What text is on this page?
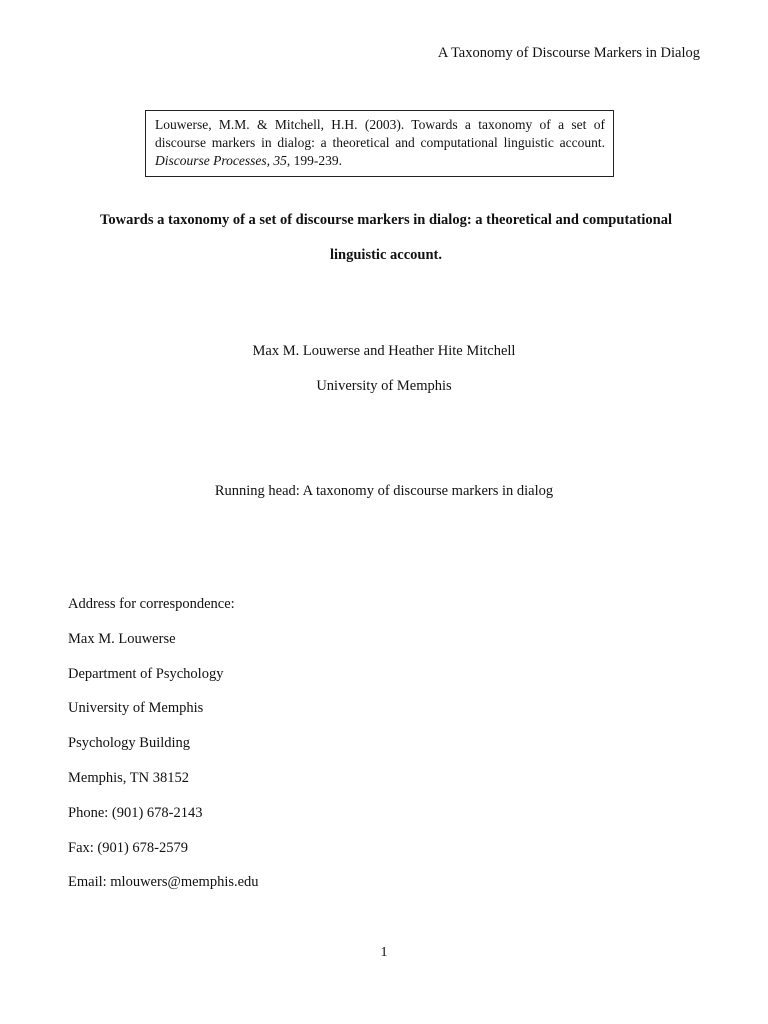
A Taxonomy of Discourse Markers in Dialog
Louwerse, M.M. & Mitchell, H.H. (2003). Towards a taxonomy of a set of discourse markers in dialog: a theoretical and computational linguistic account. Discourse Processes, 35, 199-239.
Towards a taxonomy of a set of discourse markers in dialog: a theoretical and computational
linguistic account.
Max M. Louwerse and Heather Hite Mitchell
University of Memphis
Running head: A taxonomy of discourse markers in dialog
Address for correspondence:
Max M. Louwerse
Department of Psychology
University of Memphis
Psychology Building
Memphis, TN 38152
Phone: (901) 678-2143
Fax: (901) 678-2579
Email: mlouwers@memphis.edu
1
